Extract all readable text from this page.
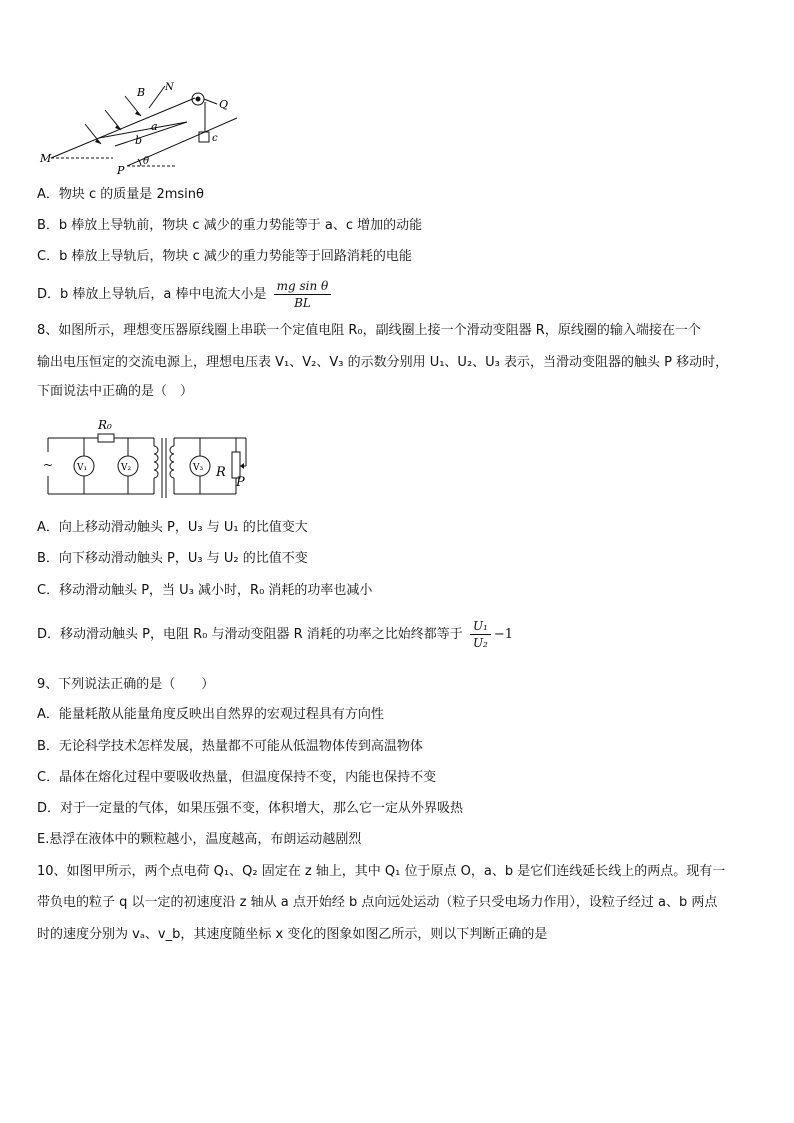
B N
Q
a
b	c
M
P
θ
A．物块 c 的质量是 2msinθ
B．b 棒放上导轨前，物块 c 减少的重力势能等于 a、c 增加的动能
C．b 棒放上导轨后，物块 c 减少的重力势能等于回路消耗的电能
D．b 棒放上导轨后，a 棒中电流大小是 $\frac{\text{mg sin θ}}{BL}$
8、如图所示，理想变压器原线圈上串联一个定值电阻 R₀，副线圈上接一个滑动变阻器 R，原线圈的输入端接在一个
输出电压恒定的交流电源上，理想电压表 V₁、V₂、V₃ 的示数分别用 U₁、U₂、U₃ 表示，当滑动变阻器的触头 P 移动时，
下面说法中正确的是（　）
R₀
~	V₁	V₂	V₃ R
P
A．向上移动滑动触头 P，U₃ 与 U₁ 的比值变大
B．向下移动滑动触头 P，U₃ 与 U₂ 的比值不变
C．移动滑动触头 P，当 U₃ 减小时，R₀ 消耗的功率也减小
D．移动滑动触头 P，电阻 R₀ 与滑动变阻器 R 消耗的功率之比始终都等于 $\frac{\text{U₁}}{\text{U₂}} -1$
9、下列说法正确的是（　　）
A．能量耗散从能量角度反映出自然界的宏观过程具有方向性
B．无论科学技术怎样发展，热量都不可能从低温物体传到高温物体
C．晶体在熔化过程中要吸收热量，但温度保持不变，内能也保持不变
D．对于一定量的气体，如果压强不变，体积增大，那么它一定从外界吸热
E.悬浮在液体中的颗粒越小，温度越高，布朗运动越剧烈
10、如图甲所示，两个点电荷 Q₁、Q₂ 固定在 z 轴上，其中 Q₁ 位于原点 O，a、b 是它们连线延长线上的两点。现有一
带负电的粒子 q 以一定的初速度沿 z 轴从 a 点开始经 b 点向远处运动（粒子只受电场力作用），设粒子经过 a、b 两点
时的速度分别为 vₐ、v_b，其速度随坐标 x 变化的图象如图乙所示，则以下判断正确的是
